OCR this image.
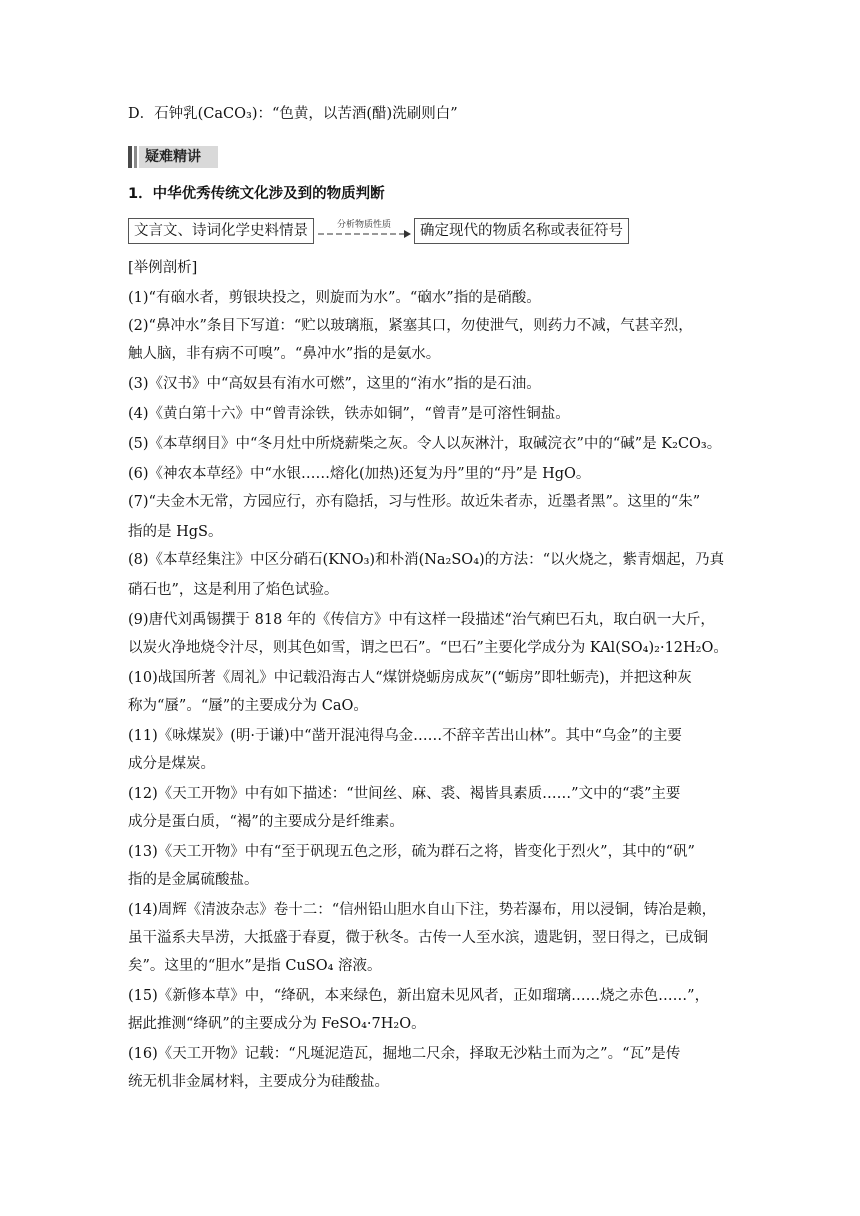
D．石钟乳(CaCO₃)：“色黄，以苦酒(醋)洗刷则白”
疑难精讲
1．中华优秀传统文化涉及到的物质判断
文言文、诗词化学史料情景	分析物质性质	确定现代的物质名称或表征符号
[举例剖析]
(1)“有硇水者，剪银块投之，则旋而为水”。“硇水”指的是硝酸。
(2)“鼻冲水”条目下写道：“贮以玻璃瓶，紧塞其口，勿使泄气，则药力不减，气甚辛烈，
触人脑，非有病不可嗅”。“鼻冲水”指的是氨水。
(3)《汉书》中“高奴县有洧水可燃”，这里的“洧水”指的是石油。
(4)《黄白第十六》中“曾青涂铁，铁赤如铜”，“曾青”是可溶性铜盐。
(5)《本草纲目》中“冬月灶中所烧薪柴之灰。令人以灰淋汁，取碱浣衣”中的“碱”是 K₂CO₃。
(6)《神农本草经》中“水银……熔化(加热)还复为丹”里的“丹”是 HgO。
(7)“夫金木无常，方园应行，亦有隐括，习与性形。故近朱者赤，近墨者黑”。这里的“朱”
指的是 HgS。
(8)《本草经集注》中区分硝石(KNO₃)和朴消(Na₂SO₄)的方法：“以火烧之，紫青烟起，乃真
硝石也”，这是利用了焰色试验。
(9)唐代刘禹锡撰于 818 年的《传信方》中有这样一段描述“治气痢巴石丸，取白矾一大斤，
以炭火净地烧令汁尽，则其色如雪，谓之巴石”。“巴石”主要化学成分为 KAl(SO₄)₂·12H₂O。
(10)战国所著《周礼》中记载沿海古人“煤饼烧蛎房成灰”(“蛎房”即牡蛎壳)，并把这种灰
称为“蜃”。“蜃”的主要成分为 CaO。
(11)《咏煤炭》(明·于谦)中“凿开混沌得乌金……不辞辛苦出山林”。其中“乌金”的主要
成分是煤炭。
(12)《天工开物》中有如下描述：“世间丝、麻、裘、褐皆具素质……”文中的“裘”主要
成分是蛋白质，“褐”的主要成分是纤维素。
(13)《天工开物》中有“至于矾现五色之形，硫为群石之将，皆变化于烈火”，其中的“矾”
指的是金属硫酸盐。
(14)周辉《清波杂志》卷十二：“信州铅山胆水自山下注，势若瀑布，用以浸铜，铸冶是赖，
虽干溢系夫旱涝，大抵盛于春夏，微于秋冬。古传一人至水滨，遗匙钥，翌日得之，已成铜
矣”。这里的“胆水”是指 CuSO₄ 溶液。
(15)《新修本草》中，“绛矾，本来绿色，新出窟未见风者，正如瑠璃……烧之赤色……”，
据此推测“绛矾”的主要成分为 FeSO₄·7H₂O。
(16)《天工开物》记载：“凡埏泥造瓦，掘地二尺余，择取无沙粘土而为之”。“瓦”是传
统无机非金属材料，主要成分为硅酸盐。
